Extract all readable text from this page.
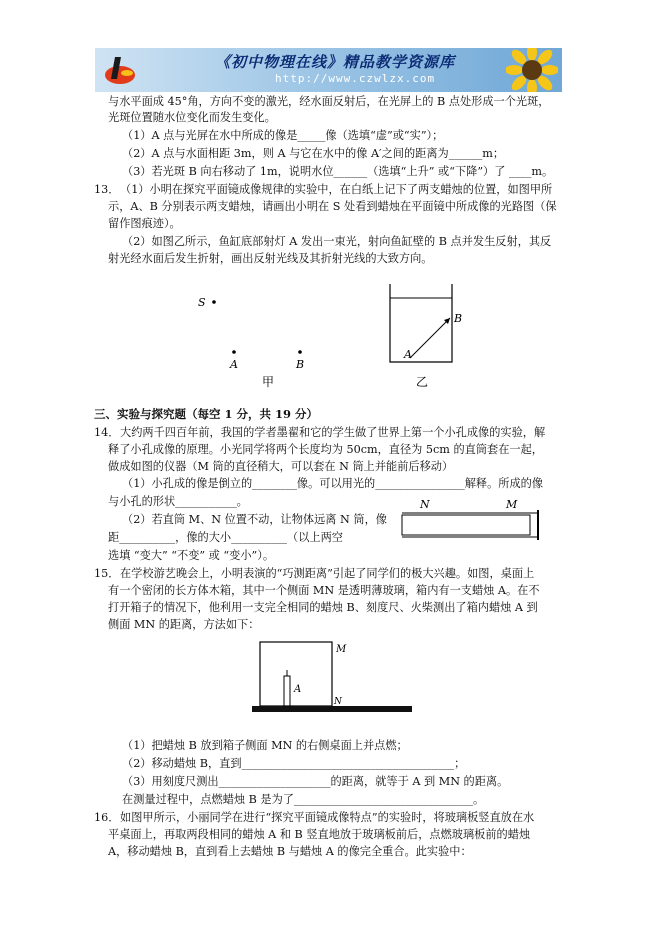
《初中物理在线》精品教学资源库
http://www.czwlzx.com
与水平面成 45°角，方向不变的激光，经水面反射后，在光屏上的 B 点处形成一个光斑，
光斑位置随水位变化而发生变化。
（1）A 点与光屏在水中所成的像是_____像（选填“虚”或“实”）；
（2）A 点与水面相距 3m，则 A 与它在水中的像 A′之间的距离为______m；
（3）若光斑 B 向右移动了 1m，说明水位______（选填“上升” 或“下降”）了 ____m。
13． （1）小明在探究平面镜成像规律的实验中，在白纸上记下了两支蜡烛的位置，如图甲所
示，A、B 分别表示两支蜡烛，请画出小明在 S 处看到蜡烛在平面镜中所成像的光路图（保
留作图痕迹）。
（2）如图乙所示，鱼缸底部射灯 A 发出一束光，射向鱼缸壁的 B 点并发生反射，其反
射光经水面后发生折射，画出反射光线及其折射光线的大致方向。
S
A	B
甲
A
B
乙
三、实验与探究题（每空 1 分，共 19 分）
14． 大约两千四百年前，我国的学者墨翟和它的学生做了世界上第一个小孔成像的实验，解
释了小孔成像的原理。小光同学将两个长度均为 50cm，直径为 5cm 的直筒套在一起，
做成如图的仪器（M 筒的直径稍大，可以套在 N 筒上并能前后移动）
（1）小孔成的像是倒立的________像。可以用光的________________解释。所成的像
与小孔的形状___________。
（2）若直筒 M、N 位置不动，让物体远离 N 筒，像
距__________，像的大小__________（以上两空
选填 “变大” “不变” 或 “变小”）。
N	M
15． 在学校游艺晚会上，小明表演的“巧测距离”引起了同学们的极大兴趣。如图，桌面上
有一个密闭的长方体木箱，其中一个侧面 MN 是透明薄玻璃，箱内有一支蜡烛 A。在不
打开箱子的情况下，他利用一支完全相同的蜡烛 B、刻度尺、火柴测出了箱内蜡烛 A 到
侧面 MN 的距离，方法如下：
M
A
N
（1）把蜡烛 B 放到箱子侧面 MN 的右侧桌面上并点燃；
（2）移动蜡烛 B，直到______________________________________；
（3）用刻度尺测出____________________的距离，就等于 A 到 MN 的距离。
在测量过程中，点燃蜡烛 B 是为了________________________________。
16． 如图甲所示，小丽同学在进行“探究平面镜成像特点”的实验时，将玻璃板竖直放在水
平桌面上，再取两段相同的蜡烛 A 和 B 竖直地放于玻璃板前后，点燃玻璃板前的蜡烛
A，移动蜡烛 B，直到看上去蜡烛 B 与蜡烛 A 的像完全重合。此实验中：
